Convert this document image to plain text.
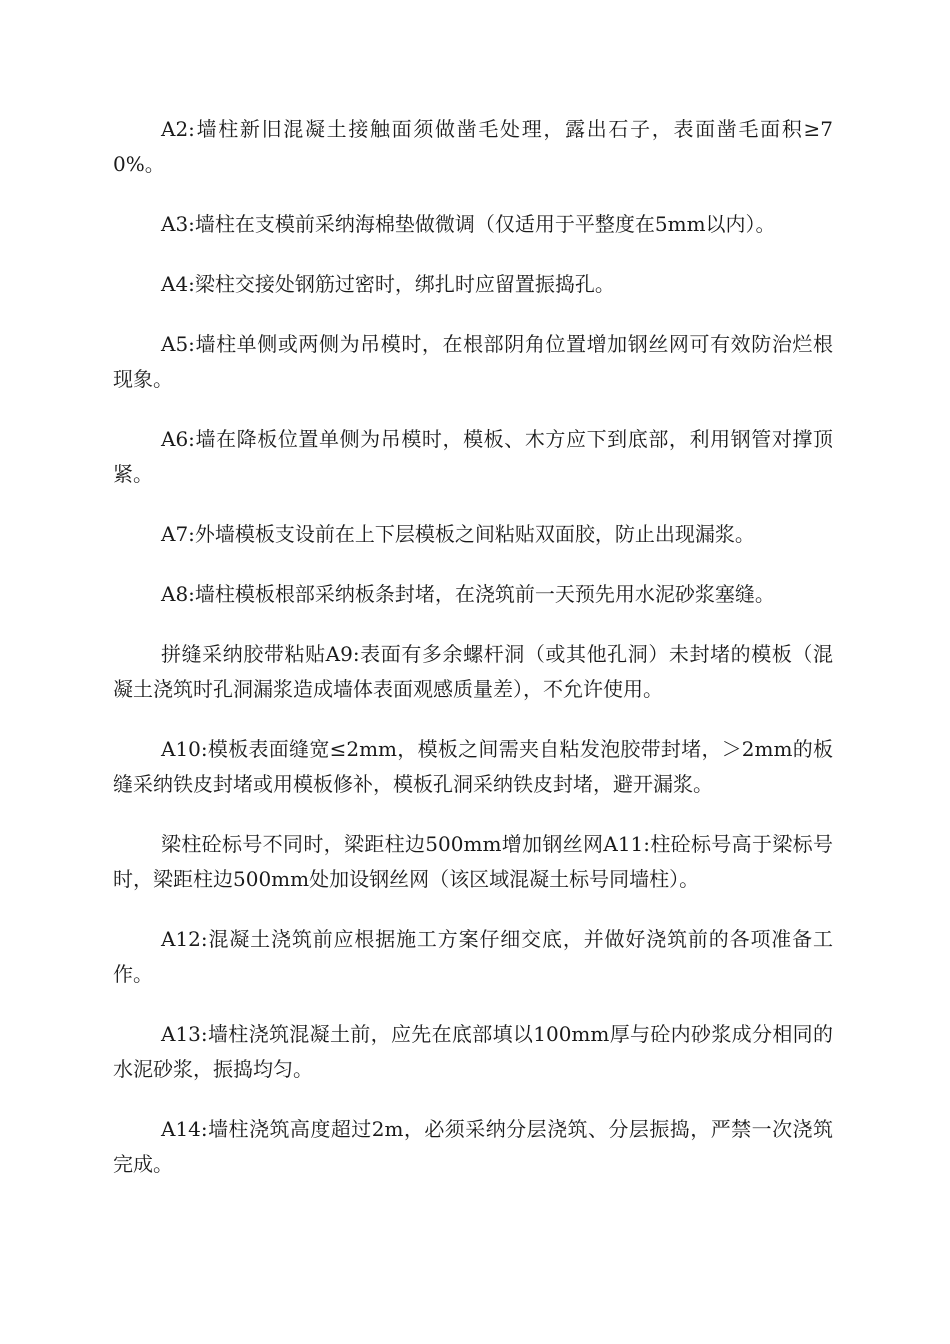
A2:墙柱新旧混凝土接触面须做凿毛处理，露出石子，表面凿毛面积≥70%。

A3:墙柱在支模前采纳海棉垫做微调（仅适用于平整度在5mm以内）。

A4:梁柱交接处钢筋过密时，绑扎时应留置振捣孔。

A5:墙柱单侧或两侧为吊模时，在根部阴角位置增加钢丝网可有效防治烂根现象。

A6:墙在降板位置单侧为吊模时，模板、木方应下到底部，利用钢管对撑顶紧。

A7:外墙模板支设前在上下层模板之间粘贴双面胶，防止出现漏浆。

A8:墙柱模板根部采纳板条封堵，在浇筑前一天预先用水泥砂浆塞缝。

拼缝采纳胶带粘贴A9:表面有多余螺杆洞（或其他孔洞）未封堵的模板（混凝土浇筑时孔洞漏浆造成墙体表面观感质量差），不允许使用。

A10:模板表面缝宽≤2mm，模板之间需夹自粘发泡胶带封堵，＞2mm的板缝采纳铁皮封堵或用模板修补，模板孔洞采纳铁皮封堵，避开漏浆。

梁柱砼标号不同时，梁距柱边500mm增加钢丝网A11:柱砼标号高于梁标号时，梁距柱边500mm处加设钢丝网（该区域混凝土标号同墙柱）。

A12:混凝土浇筑前应根据施工方案仔细交底，并做好浇筑前的各项准备工作。

A13:墙柱浇筑混凝土前，应先在底部填以100mm厚与砼内砂浆成分相同的水泥砂浆，振捣均匀。

A14:墙柱浇筑高度超过2m，必须采纳分层浇筑、分层振捣，严禁一次浇筑完成。
